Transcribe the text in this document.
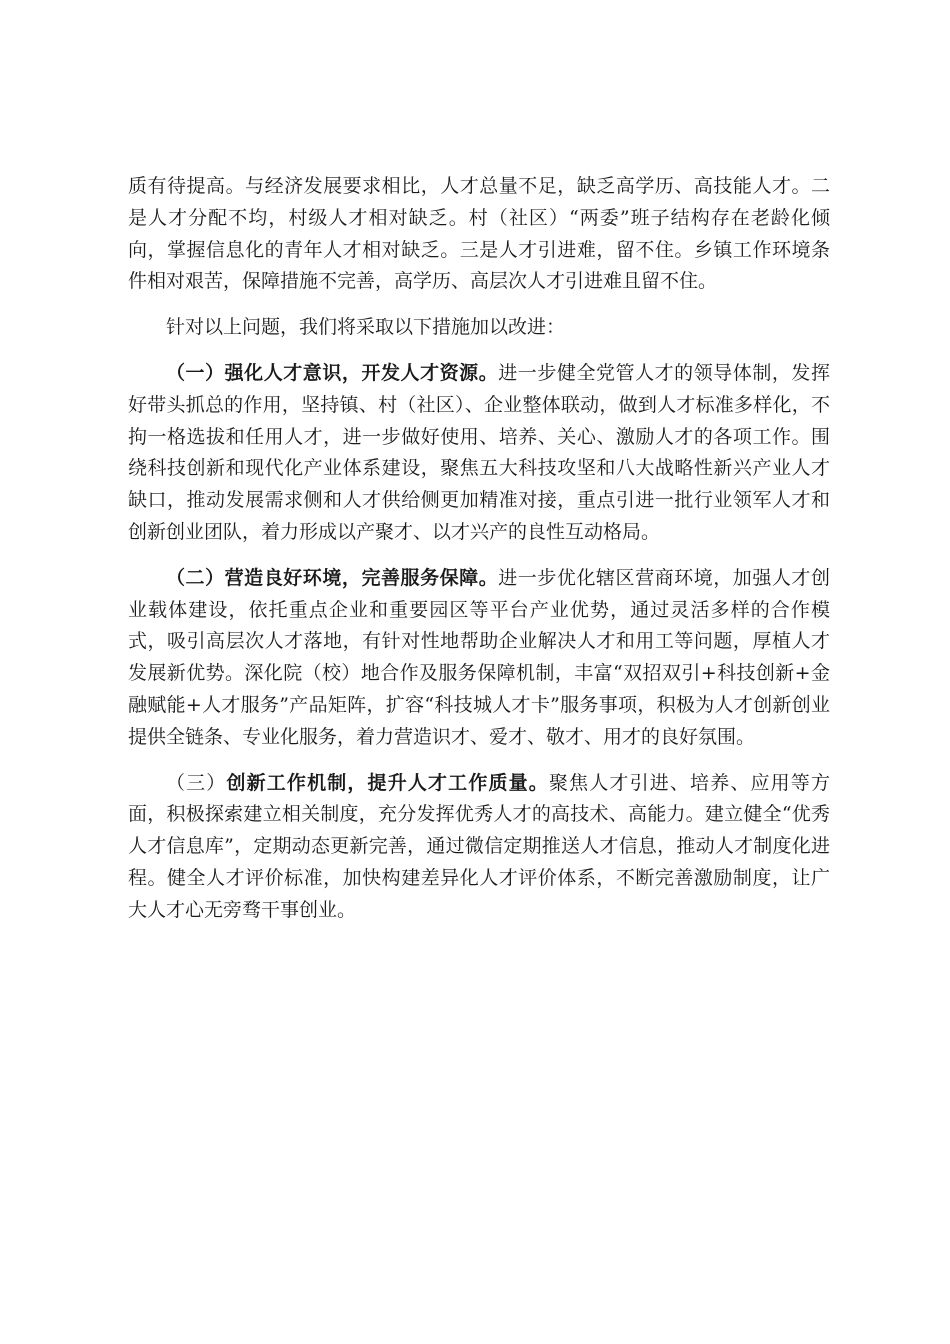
质有待提高。与经济发展要求相比，人才总量不足，缺乏高学历、高技能人才。二是人才分配不均，村级人才相对缺乏。村（社区）“两委”班子结构存在老龄化倾向，掌握信息化的青年人才相对缺乏。三是人才引进难，留不住。乡镇工作环境条件相对艰苦，保障措施不完善，高学历、高层次人才引进难且留不住。

针对以上问题，我们将采取以下措施加以改进：

（一）强化人才意识，开发人才资源。进一步健全党管人才的领导体制，发挥好带头抓总的作用，坚持镇、村（社区）、企业整体联动，做到人才标准多样化，不拘一格选拔和任用人才，进一步做好使用、培养、关心、激励人才的各项工作。围绕科技创新和现代化产业体系建设，聚焦五大科技攻坚和八大战略性新兴产业人才缺口，推动发展需求侧和人才供给侧更加精准对接，重点引进一批行业领军人才和创新创业团队，着力形成以产聚才、以才兴产的良性互动格局。

（二）营造良好环境，完善服务保障。进一步优化辖区营商环境，加强人才创业载体建设，依托重点企业和重要园区等平台产业优势，通过灵活多样的合作模式，吸引高层次人才落地，有针对性地帮助企业解决人才和用工等问题，厚植人才发展新优势。深化院（校）地合作及服务保障机制，丰富“双招双引+科技创新+金融赋能+人才服务”产品矩阵，扩容“科技城人才卡”服务事项，积极为人才创新创业提供全链条、专业化服务，着力营造识才、爱才、敬才、用才的良好氛围。

（三）创新工作机制，提升人才工作质量。聚焦人才引进、培养、应用等方面，积极探索建立相关制度，充分发挥优秀人才的高技术、高能力。建立健全“优秀人才信息库”，定期动态更新完善，通过微信定期推送人才信息，推动人才制度化进程。健全人才评价标准，加快构建差异化人才评价体系，不断完善激励制度，让广大人才心无旁骛干事创业。
